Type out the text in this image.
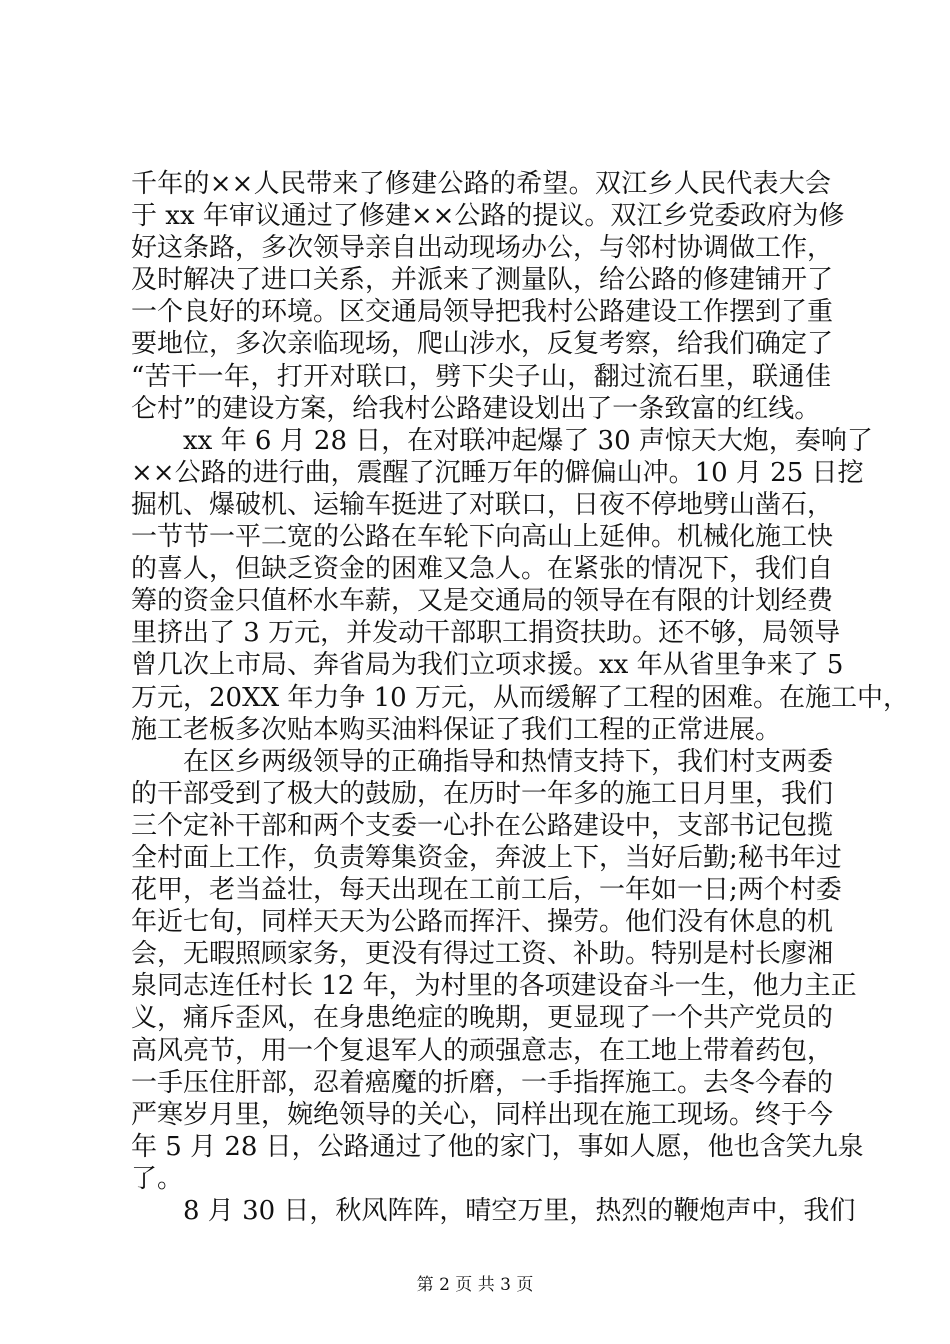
千年的××人民带来了修建公路的希望。双江乡人民代表大会
于 xx 年审议通过了修建××公路的提议。双江乡党委政府为修
好这条路，多次领导亲自出动现场办公，与邻村协调做工作，
及时解决了进口关系，并派来了测量队，给公路的修建铺开了
一个良好的环境。区交通局领导把我村公路建设工作摆到了重
要地位，多次亲临现场，爬山涉水，反复考察，给我们确定了
“苦干一年，打开对联口，劈下尖子山，翻过流石里，联通佳
仑村”的建设方案，给我村公路建设划出了一条致富的红线。
　　xx 年 6 月 28 日，在对联冲起爆了 30 声惊天大炮，奏响了
××公路的进行曲，震醒了沉睡万年的僻偏山冲。10 月 25 日挖
掘机、爆破机、运输车挺进了对联口，日夜不停地劈山凿石，
一节节一平二宽的公路在车轮下向高山上延伸。机械化施工快
的喜人，但缺乏资金的困难又急人。在紧张的情况下，我们自
筹的资金只值杯水车薪，又是交通局的领导在有限的计划经费
里挤出了 3 万元，并发动干部职工捐资扶助。还不够，局领导
曾几次上市局、奔省局为我们立项求援。xx 年从省里争来了 5
万元，20XX 年力争 10 万元，从而缓解了工程的困难。在施工中，
施工老板多次贴本购买油料保证了我们工程的正常进展。
　　在区乡两级领导的正确指导和热情支持下，我们村支两委
的干部受到了极大的鼓励，在历时一年多的施工日月里，我们
三个定补干部和两个支委一心扑在公路建设中，支部书记包揽
全村面上工作，负责筹集资金，奔波上下，当好后勤;秘书年过
花甲，老当益壮，每天出现在工前工后，一年如一日;两个村委
年近七旬，同样天天为公路而挥汗、操劳。他们没有休息的机
会，无暇照顾家务，更没有得过工资、补助。特别是村长廖湘
泉同志连任村长 12 年，为村里的各项建设奋斗一生，他力主正
义，痛斥歪风，在身患绝症的晚期，更显现了一个共产党员的
高风亮节，用一个复退军人的顽强意志，在工地上带着药包，
一手压住肝部，忍着癌魔的折磨，一手指挥施工。去冬今春的
严寒岁月里，婉绝领导的关心，同样出现在施工现场。终于今
年 5 月 28 日，公路通过了他的家门，事如人愿，他也含笑九泉
了。
　　8 月 30 日，秋风阵阵，晴空万里，热烈的鞭炮声中，我们
第 2 页 共 3 页
